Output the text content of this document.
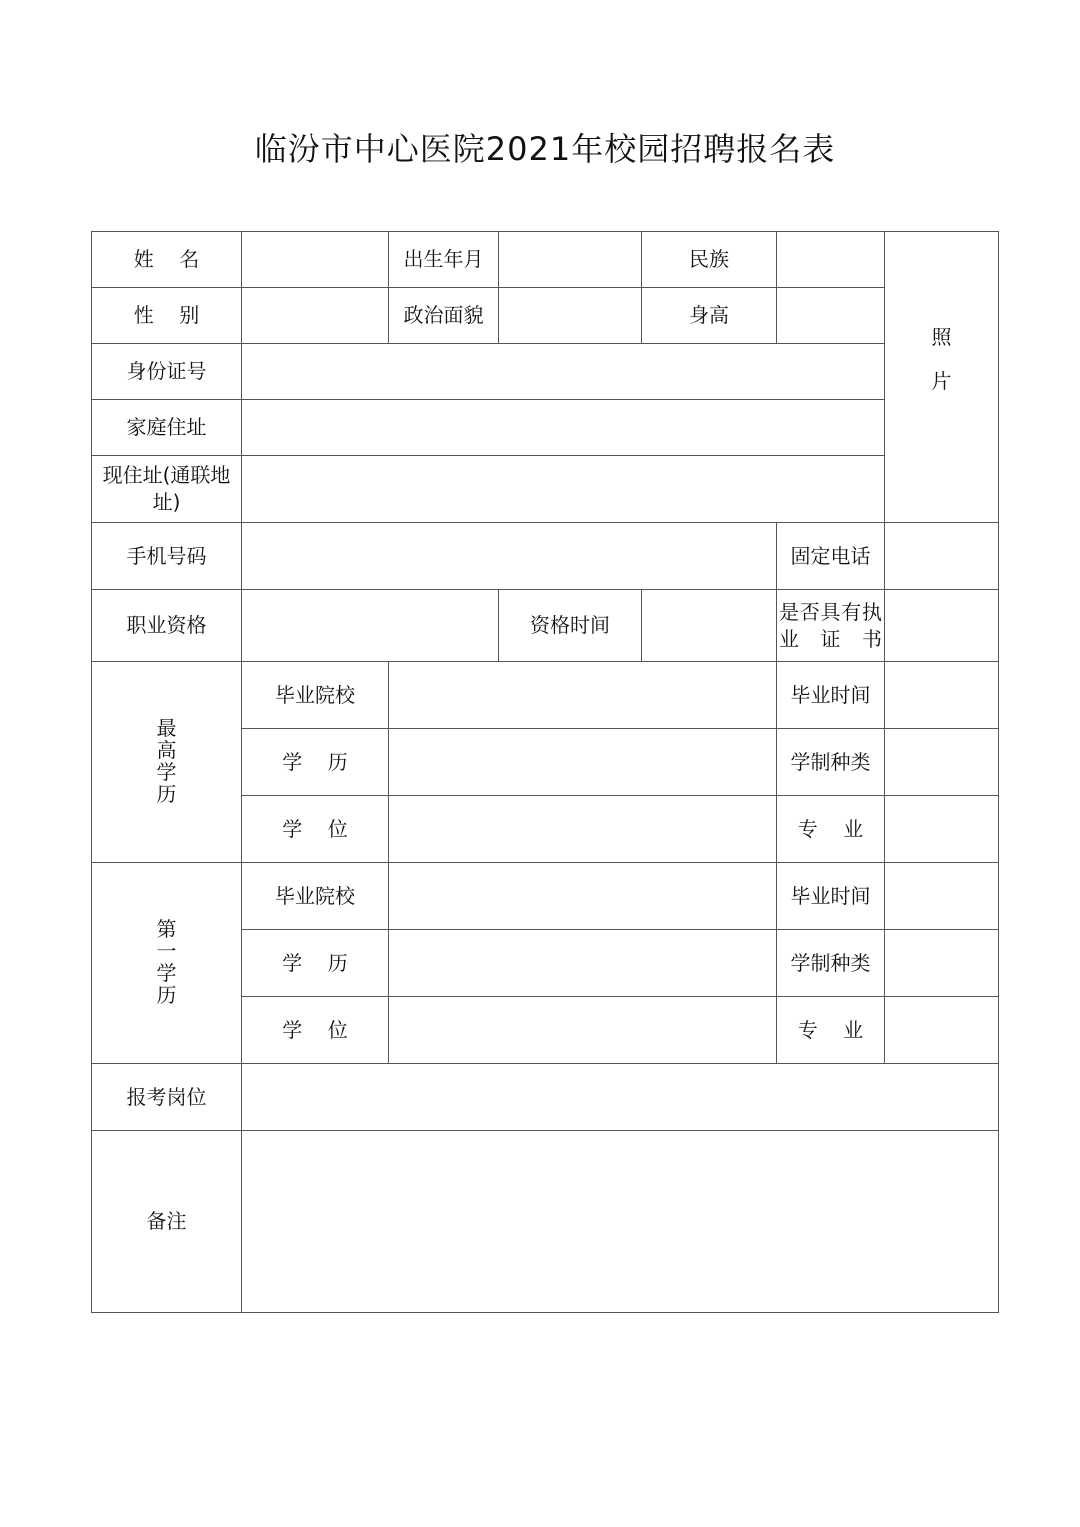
临汾市中心医院2021年校园招聘报名表
姓    名		出生年月		民族		照片
性    别		政治面貌		身高		
身份证号						
家庭住址						
现住址(通联地址)						
手机号码					固定电话	
职业资格			资格时间		是否具有执业证书	

最高学历	毕业院校				毕业时间	
	学    历				学制种类	
	学    位				专    业	
第一学历	毕业院校				毕业时间	
	学    历				学制种类	
	学    位				专    业	
报考岗位						
备注						
